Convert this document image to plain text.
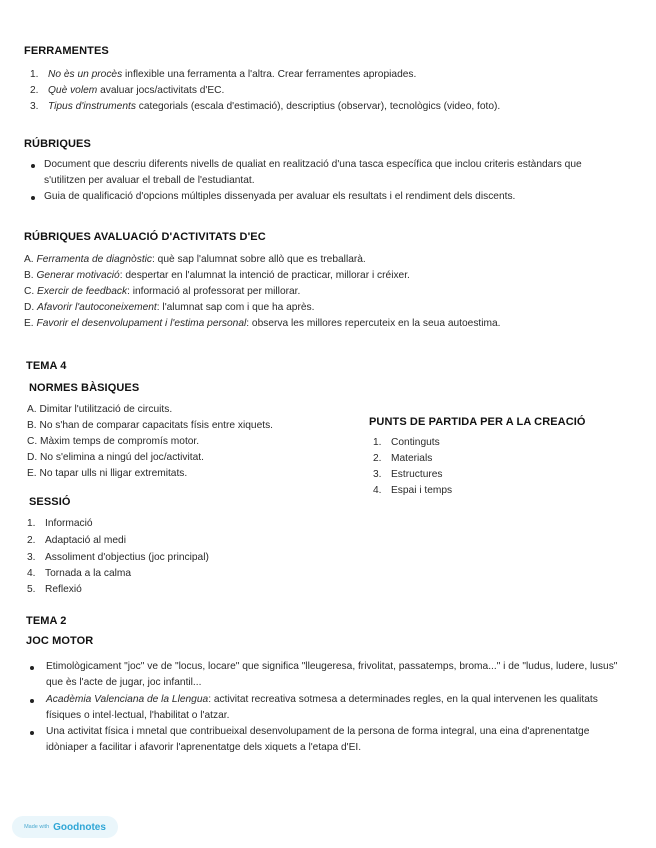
FERRAMENTES
1. No ès un procès inflexible una ferramenta a l'altra. Crear ferramentes apropiades.
2. Què volem avaluar jocs/activitats d'EC.
3. Tipus d'instruments categorials (escala d'estimació), descriptius (observar), tecnològics (video, foto).
RÚBRIQUES
Document que descriu diferents nivells de qualiat en realització d'una tasca específica que inclou criteris estàndars que s'utilitzen per avaluar el treball de l'estudiantat.
Guia de qualificació d'opcions múltiples dissenyada per avaluar els resultats i el rendiment dels discents.
RÚBRIQUES AVALUACIÓ D'ACTIVITATS D'EC
A. Ferramenta de diagnòstic: què sap l'alumnat sobre allò que es treballarà.
B. Generar motivació: despertar en l'alumnat la intenció de practicar, millorar i créixer.
C. Exercir de feedback: informació al professorat per millorar.
D. Afavorir l'autoconeixement: l'alumnat sap com i que ha après.
E. Favorir el desenvolupament i l'estima personal: observa les millores repercuteix en la seua autoestima.
TEMA 4
NORMES BÀSIQUES
A. Dimitar l'utilització de circuits.
B. No s'han de comparar capacitats físis entre xiquets.
C. Màxim temps de compromís motor.
D. No s'elimina a ningú del joc/activitat.
E. No tapar ulls ni lligar extremitats.
PUNTS DE PARTIDA PER A LA CREACIÓ
1. Continguts
2. Materials
3. Estructures
4. Espai i temps
SESSIÓ
1. Informació
2. Adaptació al medi
3. Assoliment d'objectius (joc principal)
4. Tornada a la calma
5. Reflexió
TEMA 2
JOC MOTOR
Etimològicament "joc" ve de "locus, locare" que significa "lleugeresa, frivolitat, passatemps, broma..." i de "ludus, ludere, lusus" que ès l'acte de jugar, joc infantil...
Acadèmia Valenciana de la Llengua: activitat recreativa sotmesa a determinades regles, en la qual intervenen les qualitats físiques o intel·lectual, l'habilitat o l'atzar.
Una activitat física i mnetal que contribueixal desenvolupament de la persona de forma integral, una eina d'aprenentatge idòniaper a facilitar i afavorir l'aprenentatge dels xiquets a l'etapa d'EI.
Made with Goodnotes
